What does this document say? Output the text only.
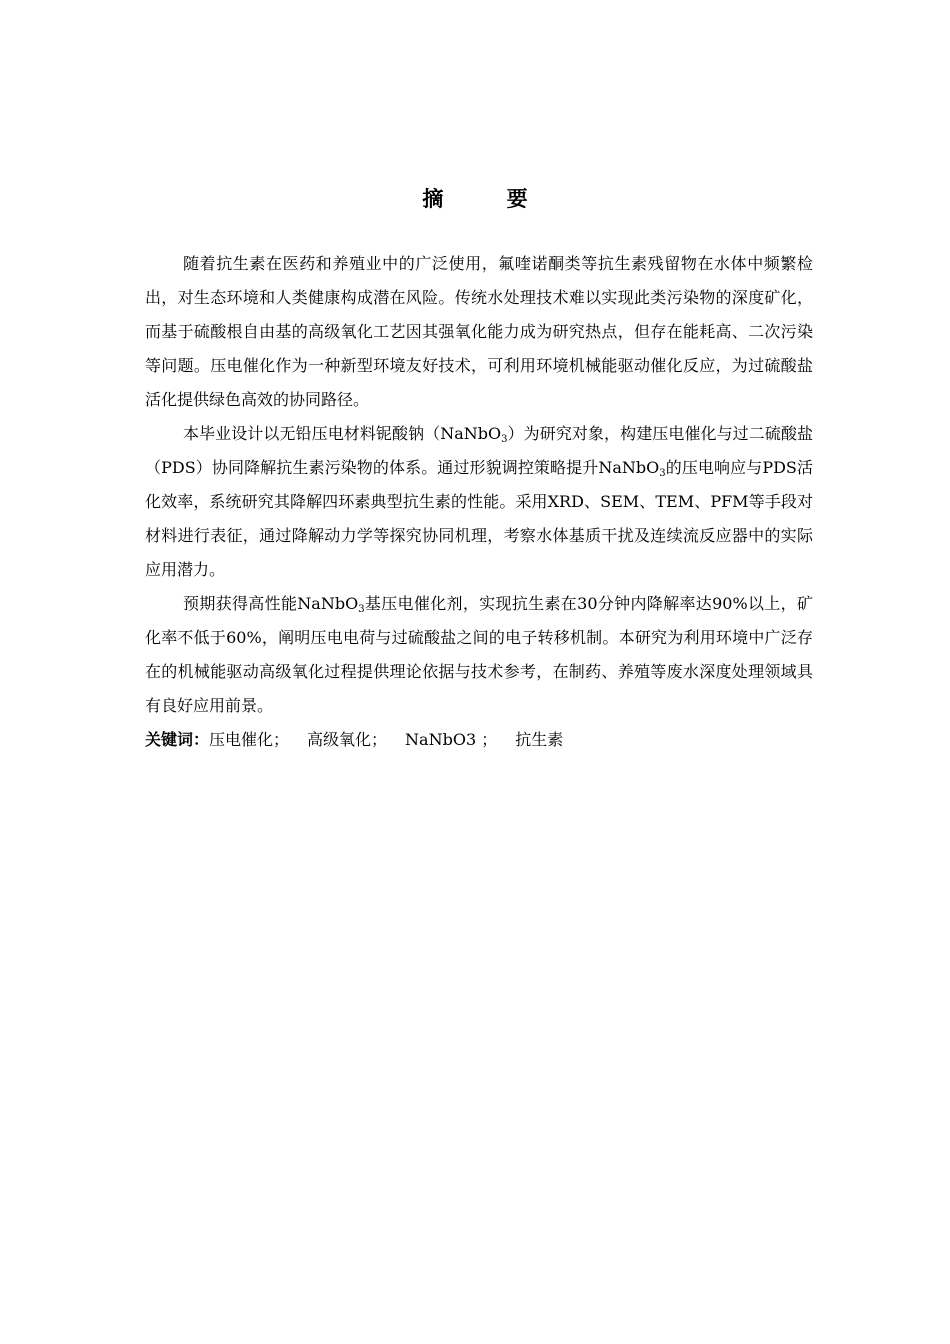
摘 要

随着抗生素在医药和养殖业中的广泛使用，氟喹诺酮类等抗生素残留物在水体中频繁检出，对生态环境和人类健康构成潜在风险。传统水处理技术难以实现此类污染物的深度矿化，而基于硫酸根自由基的高级氧化工艺因其强氧化能力成为研究热点，但存在能耗高、二次污染等问题。压电催化作为一种新型环境友好技术，可利用环境机械能驱动催化反应，为过硫酸盐活化提供绿色高效的协同路径。

本毕业设计以无铅压电材料铌酸钠（NaNbO$_3$）为研究对象，构建压电催化与过二硫酸盐（PDS）协同降解抗生素污染物的体系。通过形貌调控策略提升NaNbO$_3$的压电响应与PDS活化效率，系统研究其降解四环素典型抗生素的性能。采用XRD、SEM、TEM、PFM等手段对材料进行表征，通过降解动力学等探究协同机理，考察水体基质干扰及连续流反应器中的实际应用潜力。

预期获得高性能NaNbO$_3$基压电催化剂，实现抗生素在30分钟内降解率达90%以上，矿化率不低于60%，阐明压电电荷与过硫酸盐之间的电子转移机制。本研究为利用环境中广泛存在的机械能驱动高级氧化过程提供理论依据与技术参考，在制药、养殖等废水深度处理领域具有良好应用前景。

关键词：压电催化； 高级氧化； NaNbO3 ； 抗生素
